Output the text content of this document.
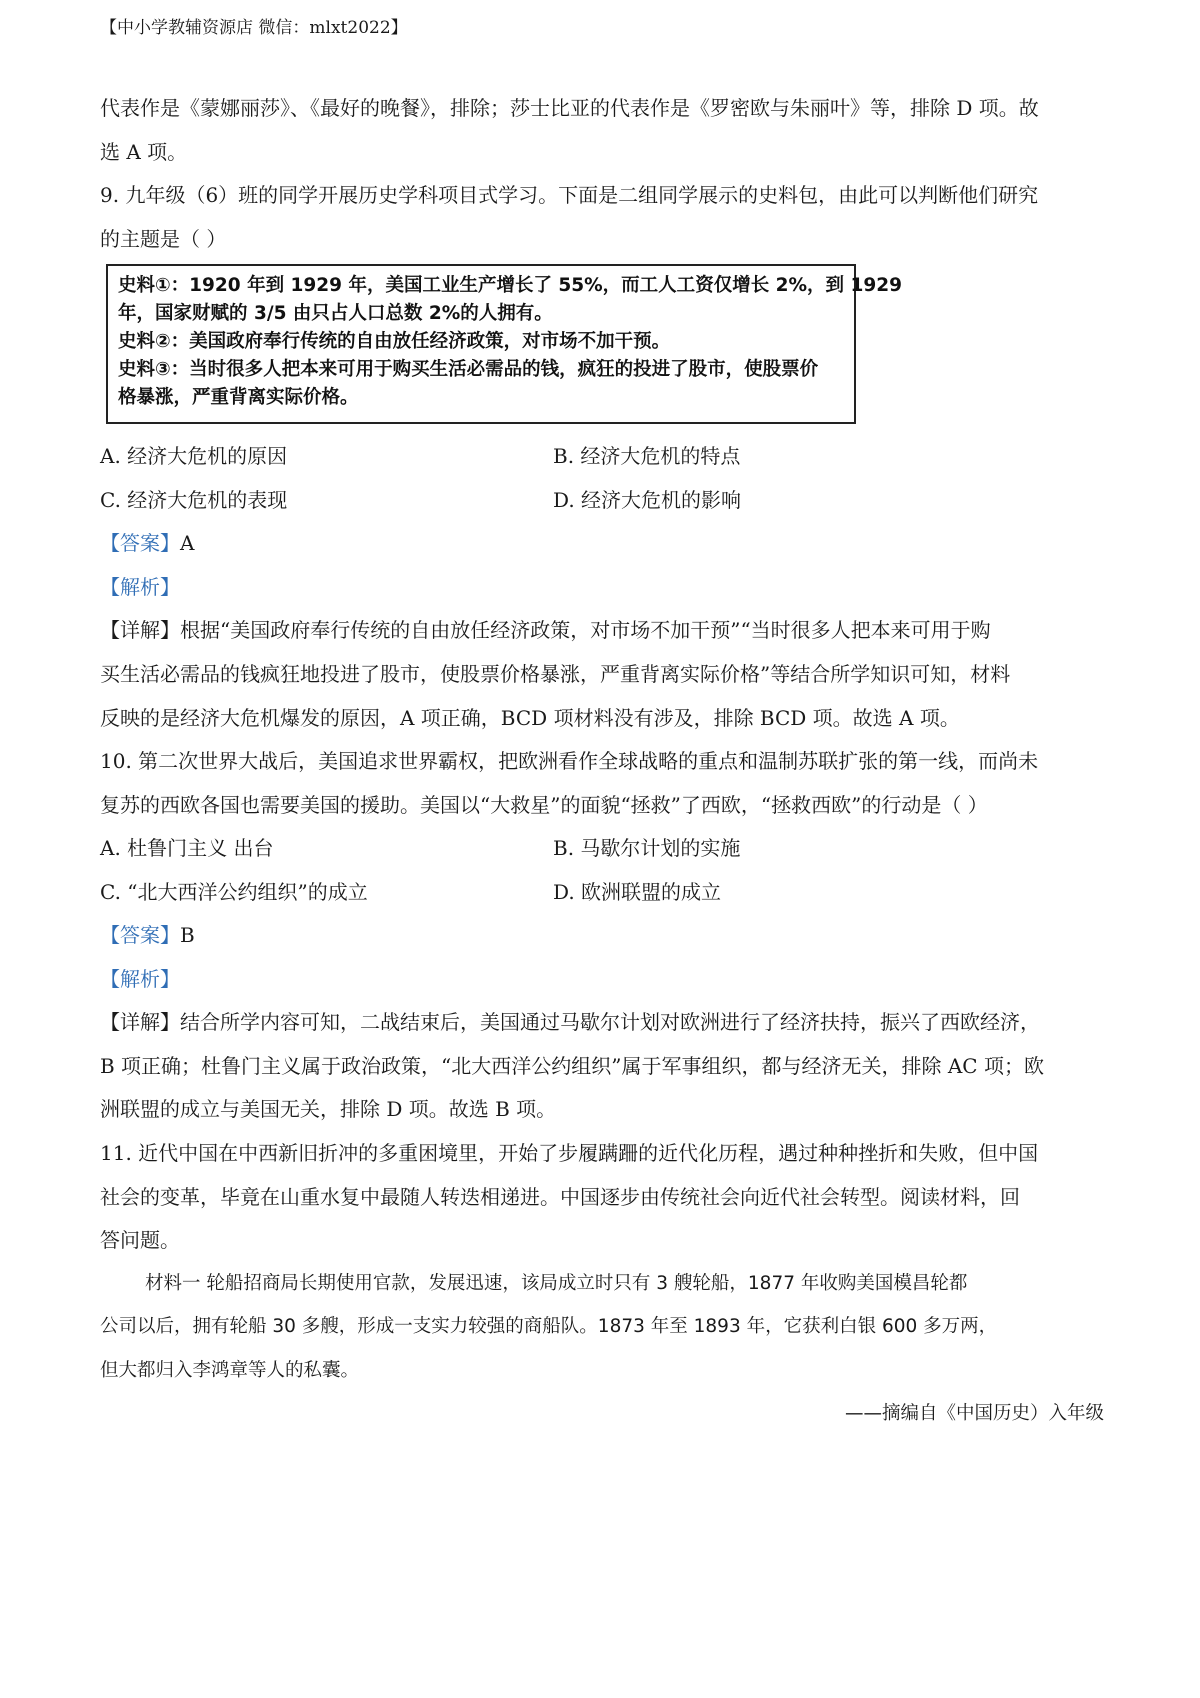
【中小学教辅资源店 微信：mlxt2022】
代表作是《蒙娜丽莎》、《最好的晚餐》，排除；莎士比亚的代表作是《罗密欧与朱丽叶》等，排除 D 项。故
选 A 项。
9. 九年级（6）班的同学开展历史学科项目式学习。下面是二组同学展示的史料包，由此可以判断他们研究
的主题是（ ）
史料①：1920 年到 1929 年，美国工业生产增长了 55%，而工人工资仅增长 2%，到 1929
年，国家财赋的 3/5 由只占人口总数 2%的人拥有。
史料②：美国政府奉行传统的自由放任经济政策，对市场不加干预。
史料③：当时很多人把本来可用于购买生活必需品的钱，疯狂的投进了股市，使股票价
格暴涨，严重背离实际价格。
A. 经济大危机的原因	B. 经济大危机的特点
C. 经济大危机的表现	D. 经济大危机的影响
【答案】A
【解析】
【详解】根据“美国政府奉行传统的自由放任经济政策，对市场不加干预”“当时很多人把本来可用于购
买生活必需品的钱疯狂地投进了股市，使股票价格暴涨，严重背离实际价格”等结合所学知识可知，材料
反映的是经济大危机爆发的原因，A 项正确，BCD 项材料没有涉及，排除 BCD 项。故选 A 项。
10. 第二次世界大战后，美国追求世界霸权，把欧洲看作全球战略的重点和温制苏联扩张的第一线，而尚未
复苏的西欧各国也需要美国的援助。美国以“大救星”的面貌“拯救”了西欧，“拯救西欧”的行动是（ ）
A. 杜鲁门主义 出台	B. 马歇尔计划的实施
C. “北大西洋公约组织”的成立	D. 欧洲联盟的成立
【答案】B
【解析】
【详解】结合所学内容可知，二战结束后，美国通过马歇尔计划对欧洲进行了经济扶持，振兴了西欧经济，
B 项正确；杜鲁门主义属于政治政策，“北大西洋公约组织”属于军事组织，都与经济无关，排除 AC 项；欧
洲联盟的成立与美国无关，排除 D 项。故选 B 项。
11. 近代中国在中西新旧折冲的多重困境里，开始了步履蹒跚的近代化历程，遇过种种挫折和失败，但中国
社会的变革，毕竟在山重水复中最随人转迭相递进。中国逐步由传统社会向近代社会转型。阅读材料，回
答问题。
材料一 轮船招商局长期使用官款，发展迅速，该局成立时只有 3 艘轮船，1877 年收购美国模昌轮都
公司以后，拥有轮船 30 多艘，形成一支实力较强的商船队。1873 年至 1893 年，它获利白银 600 多万两，
但大都归入李鸿章等人的私囊。
——摘编自《中国历史）入年级
